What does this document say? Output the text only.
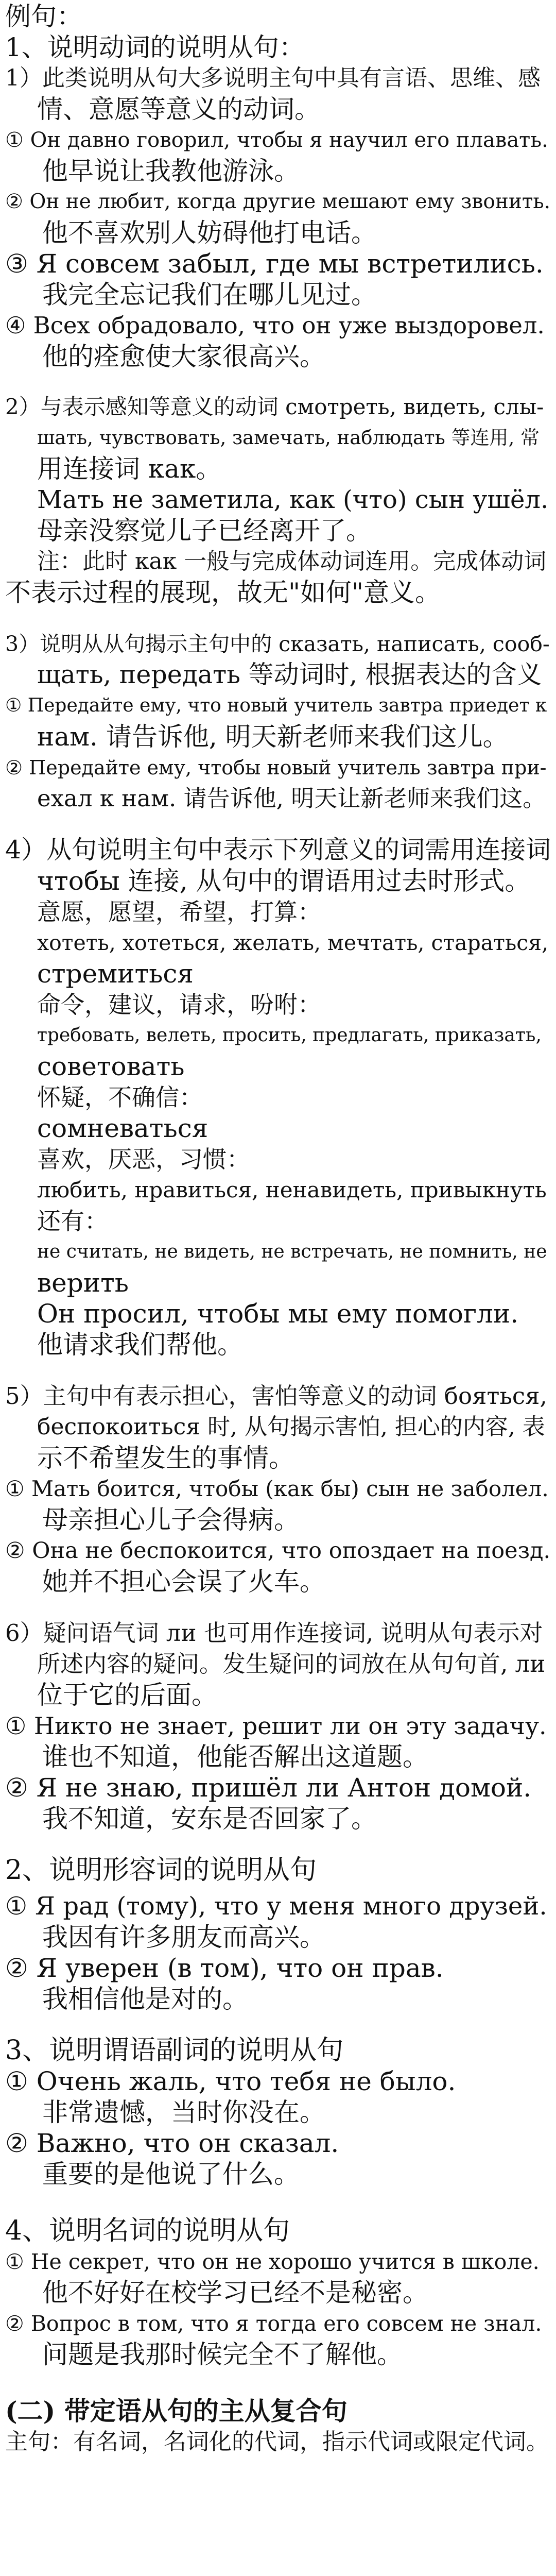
例句：
1、说明动词的说明从句：
1）此类说明从句大多说明主句中具有言语、思维、感
情、意愿等意义的动词。
① Он давно говорил, чтобы я научил его плавать.
他早说让我教他游泳。
② Он не любит, когда другие мешают ему звонить.
他不喜欢别人妨碍他打电话。
③ Я совсем забыл, где мы встретились.
我完全忘记我们在哪儿见过。
④ Всех обрадовало, что он уже выздоровел.
他的痊愈使大家很高兴。
2）与表示感知等意义的动词 смотреть, видеть, слы-
шать, чувствовать, замечать, наблюдать 等连用, 常
用连接词 как。
Мать не заметила, как (что) сын ушёл.
母亲没察觉儿子已经离开了。
注：此时 как 一般与完成体动词连用。完成体动词
不表示过程的展现，故无"如何"意义。
3）说明从从句揭示主句中的 сказать, написать, сооб-
щать, передать 等动词时, 根据表达的含义
① Передайте ему, что новый учитель завтра приедет к
нам. 请告诉他, 明天新老师来我们这儿。
② Передайте ему, чтобы новый учитель завтра при-
ехал к нам. 请告诉他, 明天让新老师来我们这。
4）从句说明主句中表示下列意义的词需用连接词
чтобы 连接, 从句中的谓语用过去时形式。
意愿，愿望，希望，打算：
хотеть, хотеться, желать, мечтать, стараться,
стремиться
命令，建议，请求，吩咐：
требовать, велеть, просить, предлагать, приказать,
советовать
怀疑，不确信：
сомневаться
喜欢，厌恶，习惯：
любить, нравиться, ненавидеть, привыкнуть
还有：
не считать, не видеть, не встречать, не помнить, не
верить
Он просил, чтобы мы ему помогли.
他请求我们帮他。
5）主句中有表示担心，害怕等意义的动词 бояться,
беспокоиться 时, 从句揭示害怕, 担心的内容, 表
示不希望发生的事情。
① Мать боится, чтобы (как бы) сын не заболел.
母亲担心儿子会得病。
② Она не беспокоится, что опоздает на поезд.
她并不担心会误了火车。
6）疑问语气词 ли 也可用作连接词, 说明从句表示对
所述内容的疑问。发生疑问的词放在从句句首, ли
位于它的后面。
① Никто не знает, решит ли он эту задачу.
谁也不知道，他能否解出这道题。
② Я не знаю, пришёл ли Антон домой.
我不知道，安东是否回家了。
2、说明形容词的说明从句
① Я рад (тому), что у меня много друзей.
我因有许多朋友而高兴。
② Я уверен (в том), что он прав.
我相信他是对的。
3、说明谓语副词的说明从句
① Очень жаль, что тебя не было.
非常遗憾，当时你没在。
② Важно, что он сказал.
重要的是他说了什么。
4、说明名词的说明从句
① Не секрет, что он не хорошо учится в школе.
他不好好在校学习已经不是秘密。
② Вопрос в том, что я тогда его совсем не знал.
问题是我那时候完全不了解他。
(二) 带定语从句的主从复合句
主句：有名词，名词化的代词，指示代词或限定代词。
